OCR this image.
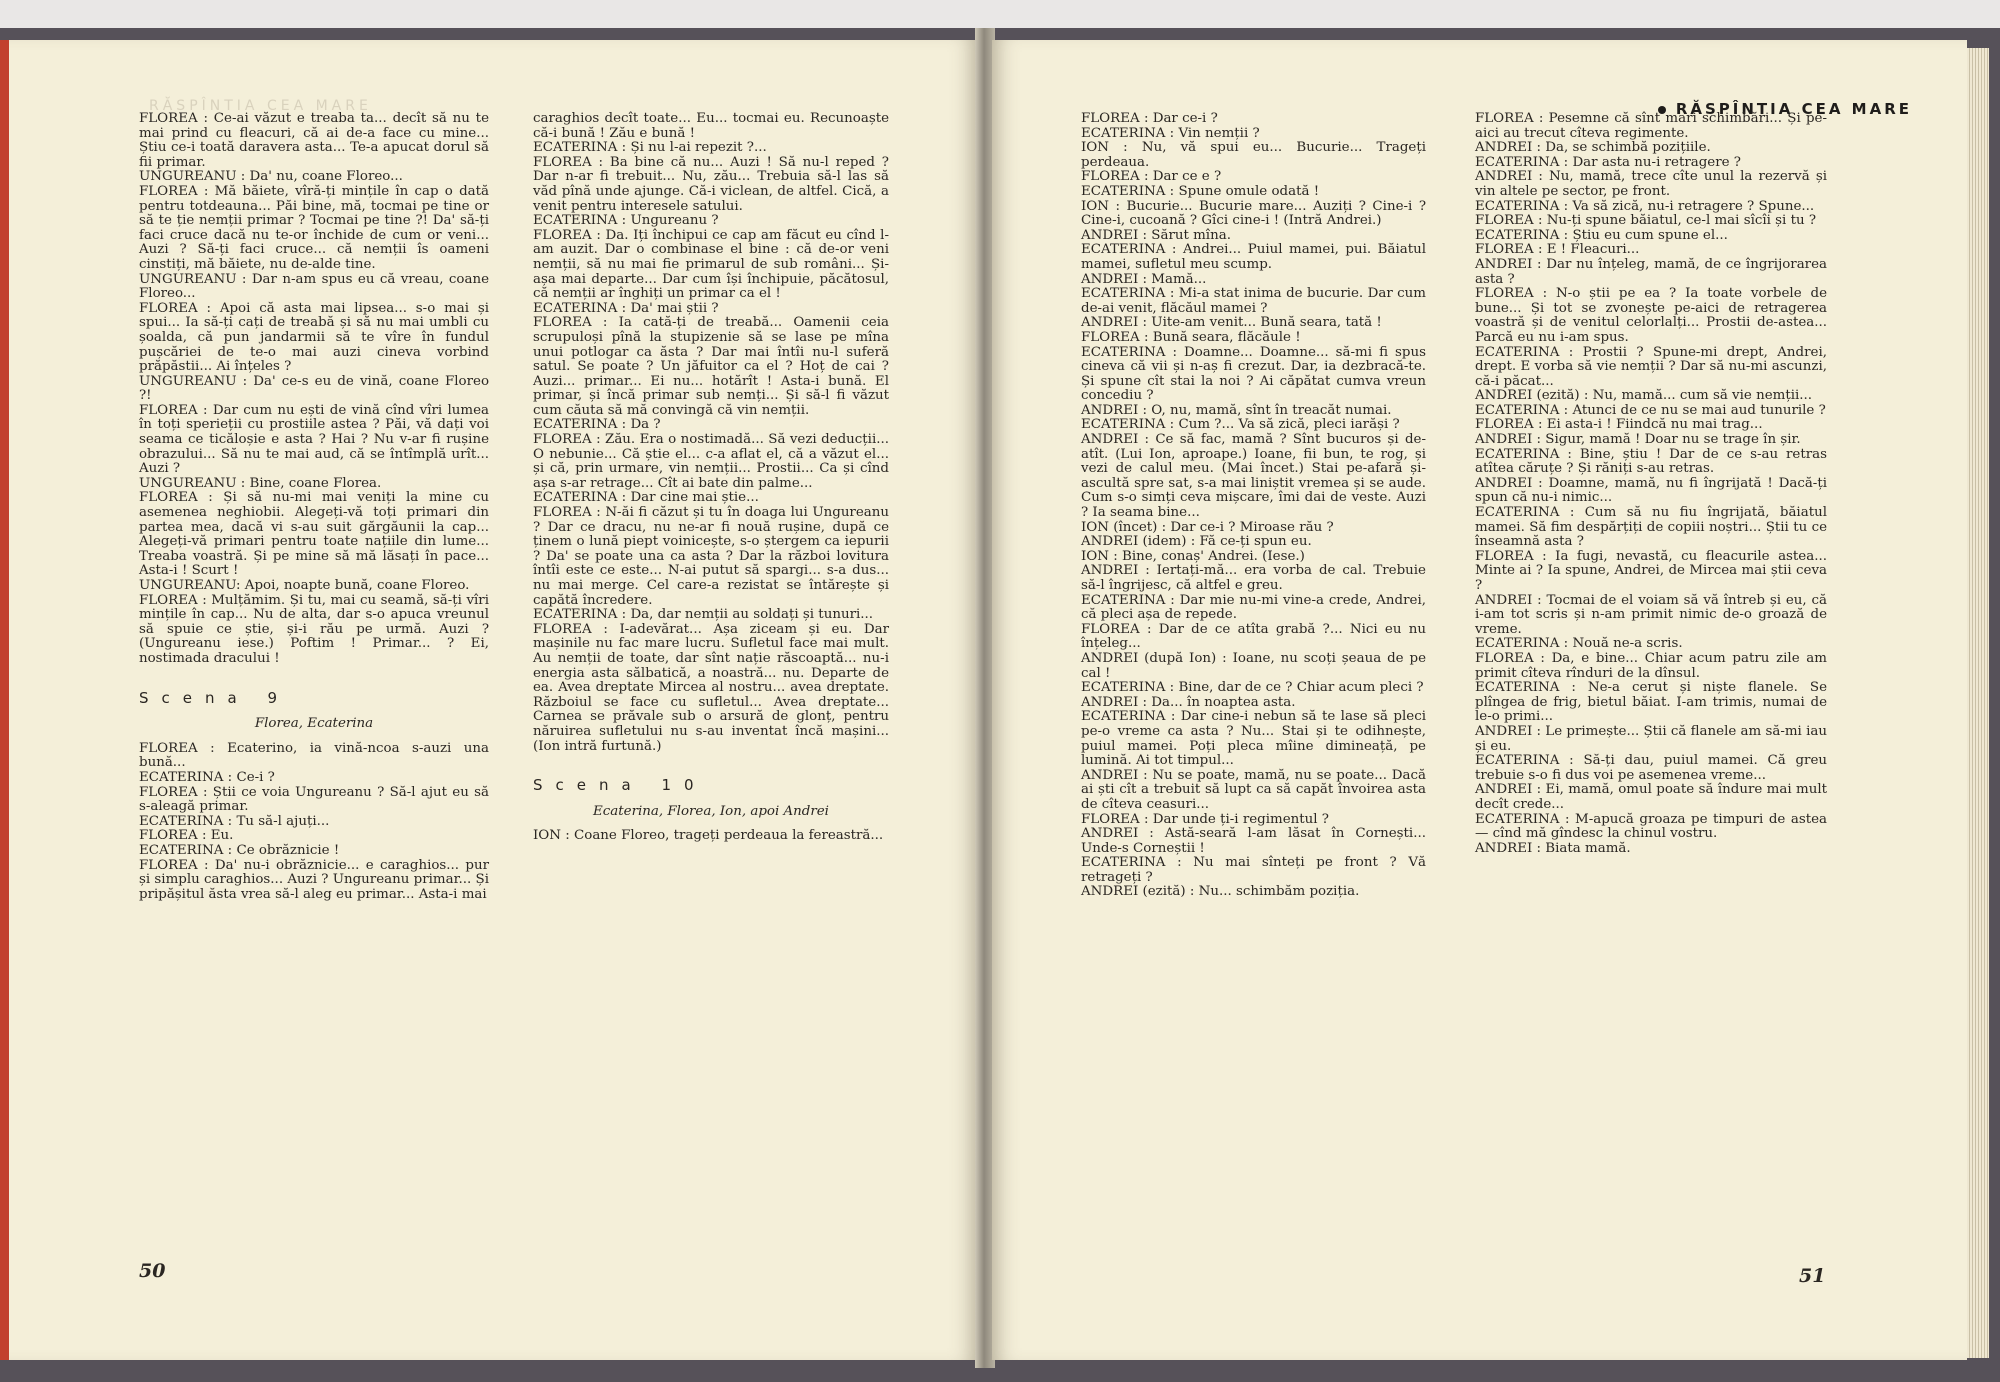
RĂSPÎNTIA CEA MARE

FLOREA : Ce-ai văzut e treaba ta... decît să nu te mai prind cu fleacuri, că ai de-a face cu mine... Știu ce-i toată daravera asta... Te-a apucat dorul să fii primar.

UNGUREANU : Da' nu, coane Floreo...

FLOREA : Mă băiete, vîră-ți mințile în cap o dată pentru totdeauna... Păi bine, mă, tocmai pe tine or să te ție nemții primar ? Tocmai pe tine ?! Da' să-ți faci cruce dacă nu te-or închide de cum or veni... Auzi ? Să-ți faci cruce... că nemții îs oameni cinstiți, mă băiete, nu de-alde tine.

UNGUREANU : Dar n-am spus eu că vreau, coane Floreo...

FLOREA : Apoi că asta mai lipsea... s-o mai și spui... Ia să-ți cați de treabă și să nu mai umbli cu șoalda, că pun jandarmii să te vîre în fundul pușcăriei de te-o mai auzi cineva vorbind prăpăstii... Ai înțeles ?

UNGUREANU : Da' ce-s eu de vină, coane Floreo ?!

FLOREA : Dar cum nu ești de vină cînd vîri lumea în toți sperieții cu prostiile astea ? Păi, vă dați voi seama ce ticăloșie e asta ? Hai ? Nu v-ar fi rușine obrazului... Să nu te mai aud, că se întîmplă urît... Auzi ?

UNGUREANU : Bine, coane Florea.

FLOREA : Și să nu-mi mai veniți la mine cu asemenea neghiobii. Alegeți-vă toți primari din partea mea, dacă vi s-au suit gărgăunii la cap... Alegeți-vă primari pentru toate națiile din lume... Treaba voastră. Și pe mine să mă lăsați în pace... Asta-i ! Scurt !

UNGUREANU: Apoi, noapte bună, coane Floreo.

FLOREA : Mulțămim. Și tu, mai cu seamă, să-ți vîri mințile în cap... Nu de alta, dar s-o apuca vreunul să spuie ce știe, și-i rău pe urmă. Auzi ? (Ungureanu iese.) Poftim ! Primar... ? Ei, nostimada dracului !

Scena 9
Florea, Ecaterina

FLOREA : Ecaterino, ia vină-ncoa s-auzi una bună...

ECATERINA : Ce-i ?

FLOREA : Știi ce voia Ungureanu ? Să-l ajut eu să s-aleagă primar.

ECATERINA : Tu să-l ajuți...

FLOREA : Eu.

ECATERINA : Ce obrăznicie !

FLOREA : Da' nu-i obrăznicie... e caraghios... pur și simplu caraghios... Auzi ? Ungureanu primar... Și pripășitul ăsta vrea să-l aleg eu primar... Asta-i mai

caraghios decît toate... Eu... tocmai eu. Recunoaște că-i bună ! Zău e bună !

ECATERINA : Și nu l-ai repezit ?...

FLOREA : Ba bine că nu... Auzi ! Să nu-l reped ? Dar n-ar fi trebuit... Nu, zău... Trebuia să-l las să văd pînă unde ajunge. Că-i viclean, de altfel. Cică, a venit pentru interesele satului.

ECATERINA : Ungureanu ?

FLOREA : Da. Iți închipui ce cap am făcut eu cînd l-am auzit. Dar o combinase el bine : că de-or veni nemții, să nu mai fie primarul de sub români... Și-așa mai departe... Dar cum își închipuie, păcătosul, că nemții ar înghiți un primar ca el !

ECATERINA : Da' mai știi ?

FLOREA : Ia cată-ți de treabă... Oamenii ceia scrupuloși pînă la stupizenie să se lase pe mîna unui potlogar ca ăsta ? Dar mai întîi nu-l suferă satul. Se poate ? Un jăfuitor ca el ? Hoț de cai ? Auzi... primar... Ei nu... hotărît ! Asta-i bună. El primar, și încă primar sub nemți... Și să-l fi văzut cum căuta să mă convingă că vin nemții.

ECATERINA : Da ?

FLOREA : Zău. Era o nostimadă... Să vezi deducții... O nebunie... Că știe el... c-a aflat el, că a văzut el... și că, prin urmare, vin nemții... Prostii... Ca și cînd așa s-ar retrage... Cît ai bate din palme...

ECATERINA : Dar cine mai știe...

FLOREA : N-ăi fi căzut și tu în doaga lui Ungureanu ? Dar ce dracu, nu ne-ar fi nouă rușine, după ce ținem o lună piept voinicește, s-o ștergem ca iepurii ? Da' se poate una ca asta ? Dar la război lovitura întîi este ce este... N-ai putut să spargi... s-a dus... nu mai merge. Cel care-a rezistat se întărește și capătă încredere.

ECATERINA : Da, dar nemții au soldați și tunuri...

FLOREA : I-adevărat... Așa ziceam și eu. Dar mașinile nu fac mare lucru. Sufletul face mai mult. Au nemții de toate, dar sînt nație răscoaptă... nu-i energia asta sălbatică, a noastră... nu. Departe de ea. Avea dreptate Mircea al nostru... avea dreptate. Războiul se face cu sufletul... Avea dreptate... Carnea se prăvale sub o arsură de glonț, pentru năruirea sufletului nu s-au inventat încă mașini... (Ion intră furtună.)

Scena 10
Ecaterina, Florea, Ion, apoi Andrei

ION : Coane Floreo, trageți perdeaua la fereastră...

50
RĂSPÎNTIA CEA MARE

FLOREA : Dar ce-i ?

ECATERINA : Vin nemții ?

ION : Nu, vă spui eu... Bucurie... Trageți perdeaua.

FLOREA : Dar ce e ?

ECATERINA : Spune omule odată !

ION : Bucurie... Bucurie mare... Auziți ? Cine-i ? Cine-i, cucoană ? Gîci cine-i ! (Intră Andrei.)

ANDREI : Sărut mîna.

ECATERINA : Andrei... Puiul mamei, pui. Băiatul mamei, sufletul meu scump.

ANDREI : Mamă...

ECATERINA : Mi-a stat inima de bucurie. Dar cum de-ai venit, flăcăul mamei ?

ANDREI : Uite-am venit... Bună seara, tată !

FLOREA : Bună seara, flăcăule !

ECATERINA : Doamne... Doamne... să-mi fi spus cineva că vii și n-aș fi crezut. Dar, ia dezbracă-te. Și spune cît stai la noi ? Ai căpătat cumva vreun concediu ?

ANDREI : O, nu, mamă, sînt în treacăt numai.

ECATERINA : Cum ?... Va să zică, pleci iarăși ?

ANDREI : Ce să fac, mamă ? Sînt bucuros și de-atît. (Lui Ion, aproape.) Ioane, fii bun, te rog, și vezi de calul meu. (Mai încet.) Stai pe-afară și-ascultă spre sat, s-a mai liniștit vremea și se aude. Cum s-o simți ceva mișcare, îmi dai de veste. Auzi ? Ia seama bine...

ION (încet) : Dar ce-i ? Miroase rău ?

ANDREI (idem) : Fă ce-ți spun eu.

ION : Bine, conaș' Andrei. (Iese.)

ANDREI : Iertați-mă... era vorba de cal. Trebuie să-l îngrijesc, că altfel e greu.

ECATERINA : Dar mie nu-mi vine-a crede, Andrei, că pleci așa de repede.

FLOREA : Dar de ce atîta grabă ?... Nici eu nu înțeleg...

ANDREI (după Ion) : Ioane, nu scoți șeaua de pe cal !

ECATERINA : Bine, dar de ce ? Chiar acum pleci ?

ANDREI : Da... în noaptea asta.

ECATERINA : Dar cine-i nebun să te lase să pleci pe-o vreme ca asta ? Nu... Stai și te odihnește, puiul mamei. Poți pleca mîine dimineață, pe lumină. Ai tot timpul...

ANDREI : Nu se poate, mamă, nu se poate... Dacă ai ști cît a trebuit să lupt ca să capăt învoirea asta de cîteva ceasuri...

FLOREA : Dar unde ți-i regimentul ?

ANDREI : Astă-seară l-am lăsat în Cornești... Unde-s Corneștii !

ECATERINA : Nu mai sînteți pe front ? Vă retrageți ?

ANDREI (ezită) : Nu... schimbăm poziția.

FLOREA : Pesemne că sînt mari schimbări... Și pe-aici au trecut cîteva regimente.

ANDREI : Da, se schimbă pozițiile.

ECATERINA : Dar asta nu-i retragere ?

ANDREI : Nu, mamă, trece cîte unul la rezervă și vin altele pe sector, pe front.

ECATERINA : Va să zică, nu-i retragere ? Spune...

FLOREA : Nu-ți spune băiatul, ce-l mai sîcîi și tu ?

ECATERINA : Știu eu cum spune el...

FLOREA : E ! Fleacuri...

ANDREI : Dar nu înțeleg, mamă, de ce îngrijorarea asta ?

FLOREA : N-o știi pe ea ? Ia toate vorbele de bune... Și tot se zvonește pe-aici de retragerea voastră și de venitul celorlalți... Prostii de-astea... Parcă eu nu i-am spus.

ECATERINA : Prostii ? Spune-mi drept, Andrei, drept. E vorba să vie nemții ? Dar să nu-mi ascunzi, că-i păcat...

ANDREI (ezită) : Nu, mamă... cum să vie nemții...

ECATERINA : Atunci de ce nu se mai aud tunurile ?

FLOREA : Ei asta-i ! Fiindcă nu mai trag...

ANDREI : Sigur, mamă ! Doar nu se trage în șir.

ECATERINA : Bine, știu ! Dar de ce s-au retras atîtea căruțe ? Și răniți s-au retras.

ANDREI : Doamne, mamă, nu fi îngrijată ! Dacă-ți spun că nu-i nimic...

ECATERINA : Cum să nu fiu îngrijată, băiatul mamei. Să fim despărțiți de copiii noștri... Știi tu ce înseamnă asta ?

FLOREA : Ia fugi, nevastă, cu fleacurile astea... Minte ai ? Ia spune, Andrei, de Mircea mai știi ceva ?

ANDREI : Tocmai de el voiam să vă întreb și eu, că i-am tot scris și n-am primit nimic de-o groază de vreme.

ECATERINA : Nouă ne-a scris.

FLOREA : Da, e bine... Chiar acum patru zile am primit cîteva rînduri de la dînsul.

ECATERINA : Ne-a cerut și niște flanele. Se plîngea de frig, bietul băiat. I-am trimis, numai de le-o primi...

ANDREI : Le primește... Știi că flanele am să-mi iau și eu.

ECATERINA : Să-ți dau, puiul mamei. Că greu trebuie s-o fi dus voi pe asemenea vreme...

ANDREI : Ei, mamă, omul poate să îndure mai mult decît crede...

ECATERINA : M-apucă groaza pe timpuri de astea — cînd mă gîndesc la chinul vostru.

ANDREI : Biata mamă.

51
